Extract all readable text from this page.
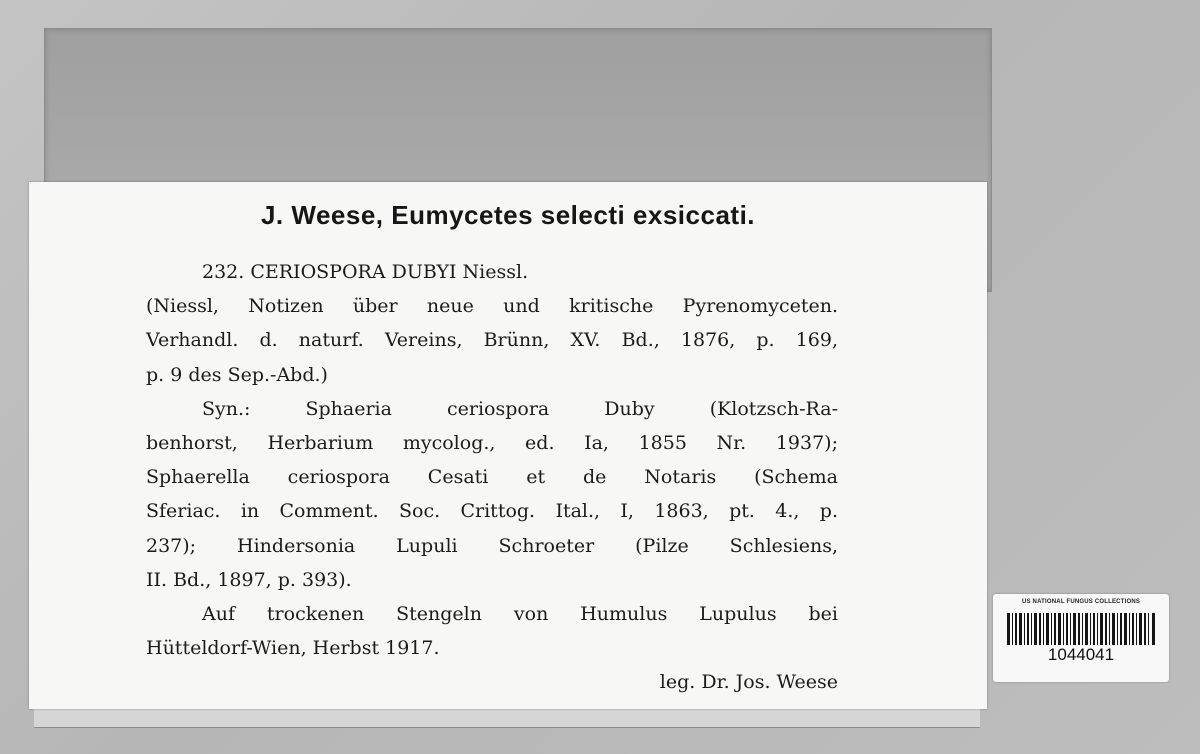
J. Weese, Eumycetes selecti exsiccati.
232. CERIOSPORA DUBYI Niessl.
(Niessl, Notizen über neue und kritische Pyrenomyceten.
Verhandl. d. naturf. Vereins, Brünn, XV. Bd., 1876, p. 169,
p. 9 des Sep.-Abd.)
Syn.: Sphaeria ceriospora Duby (Klotzsch-Ra-
benhorst, Herbarium mycolog., ed. Ia, 1855 Nr. 1937);
Sphaerella ceriospora Cesati et de Notaris (Schema
Sferiac. in Comment. Soc. Crittog. Ital., I, 1863, pt. 4., p.
237); Hindersonia Lupuli Schroeter (Pilze Schlesiens,
II. Bd., 1897, p. 393).
Auf trockenen Stengeln von Humulus Lupulus bei
Hütteldorf-Wien, Herbst 1917.
leg. Dr. Jos. Weese
US NATIONAL FUNGUS COLLECTIONS
1044041
